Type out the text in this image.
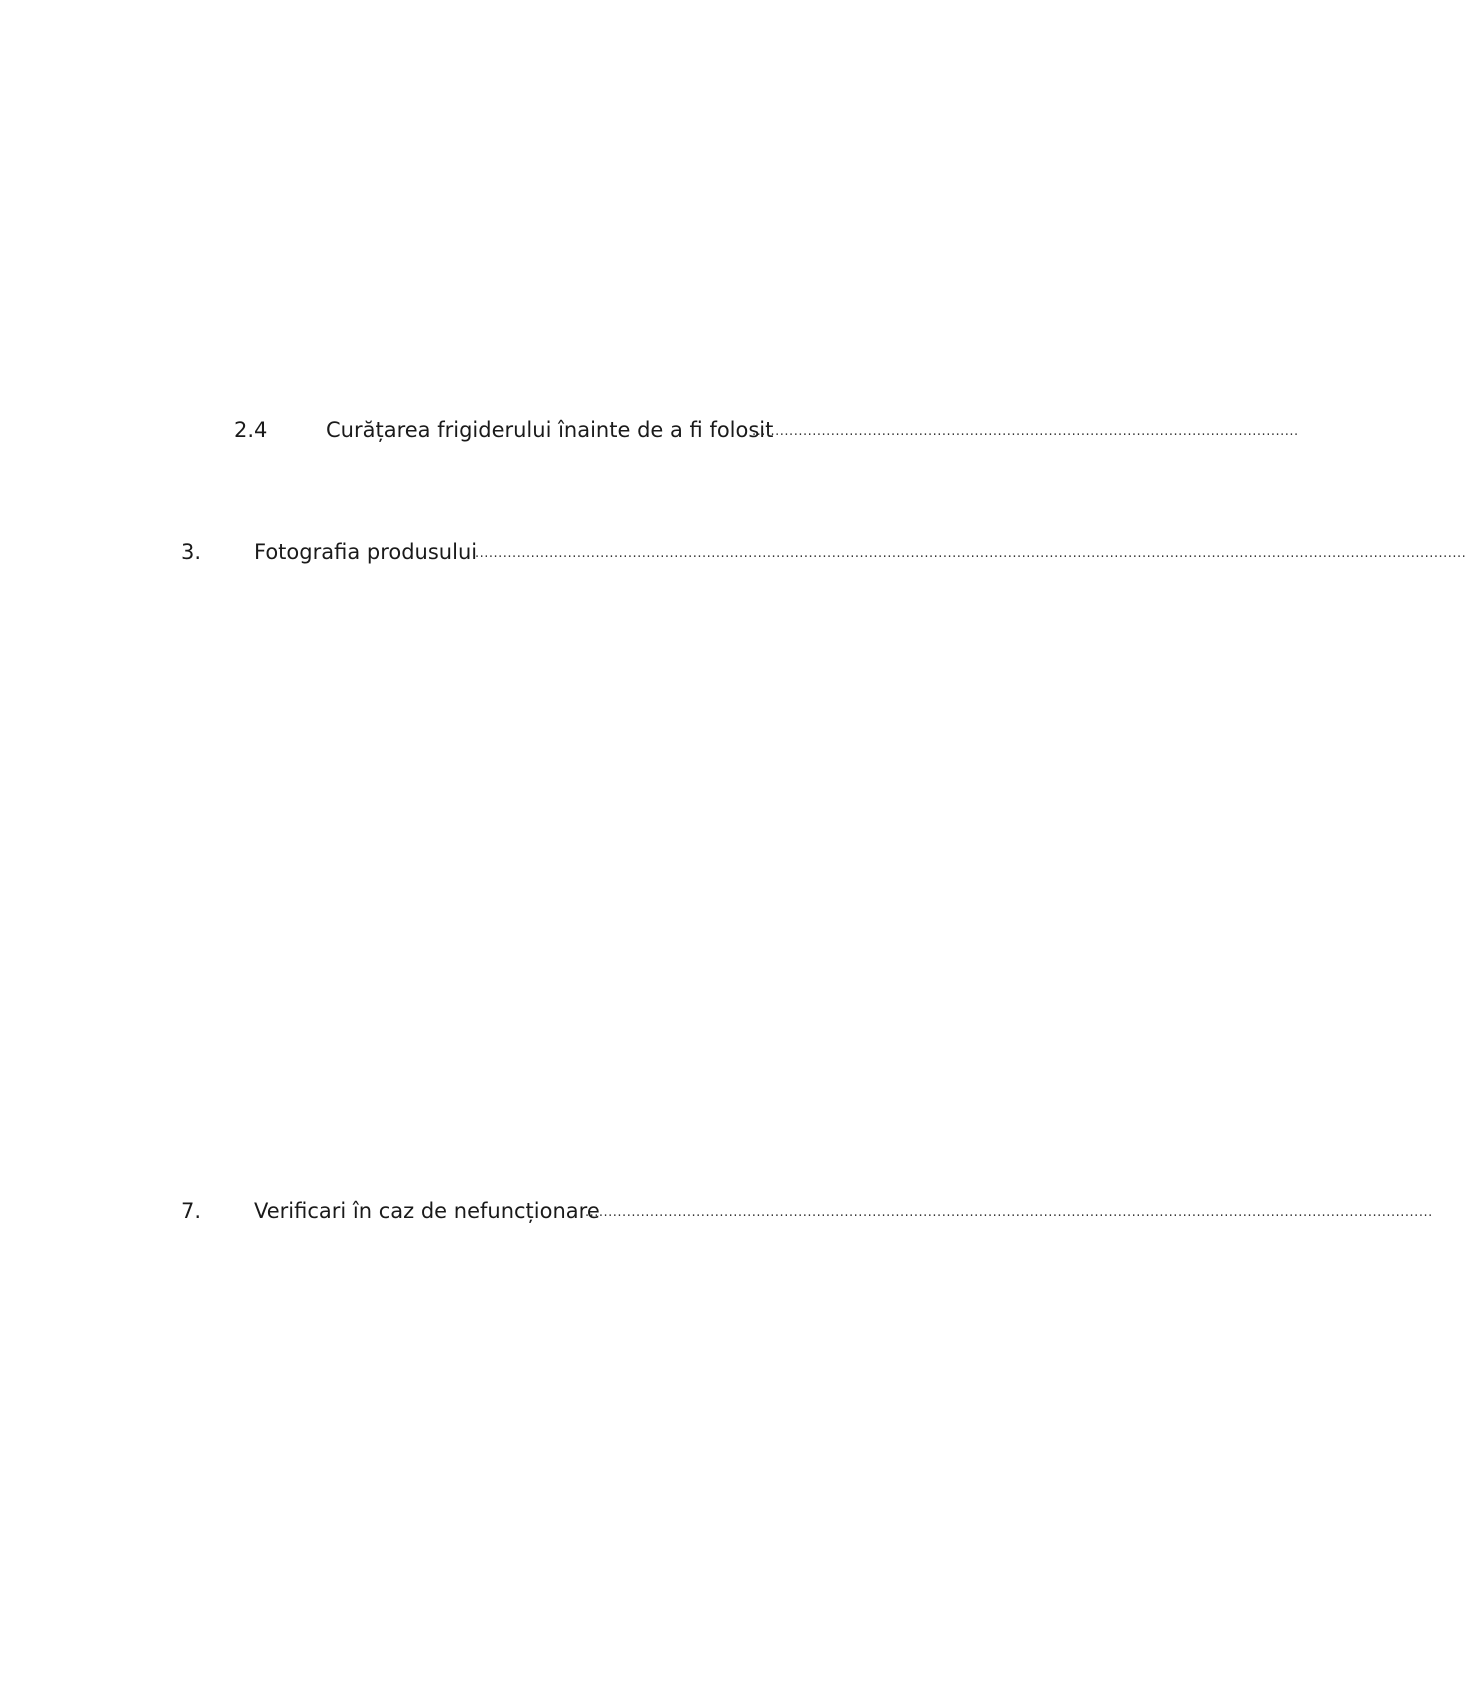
2.4	Curățarea frigiderului înainte de a fi folosit
......................................................................................................................
3.	Fotografia produsului
......................................................................................................................................................................................................................
7.	Verificari în caz de nefuncționare
.......................................................................................................................................................................................
